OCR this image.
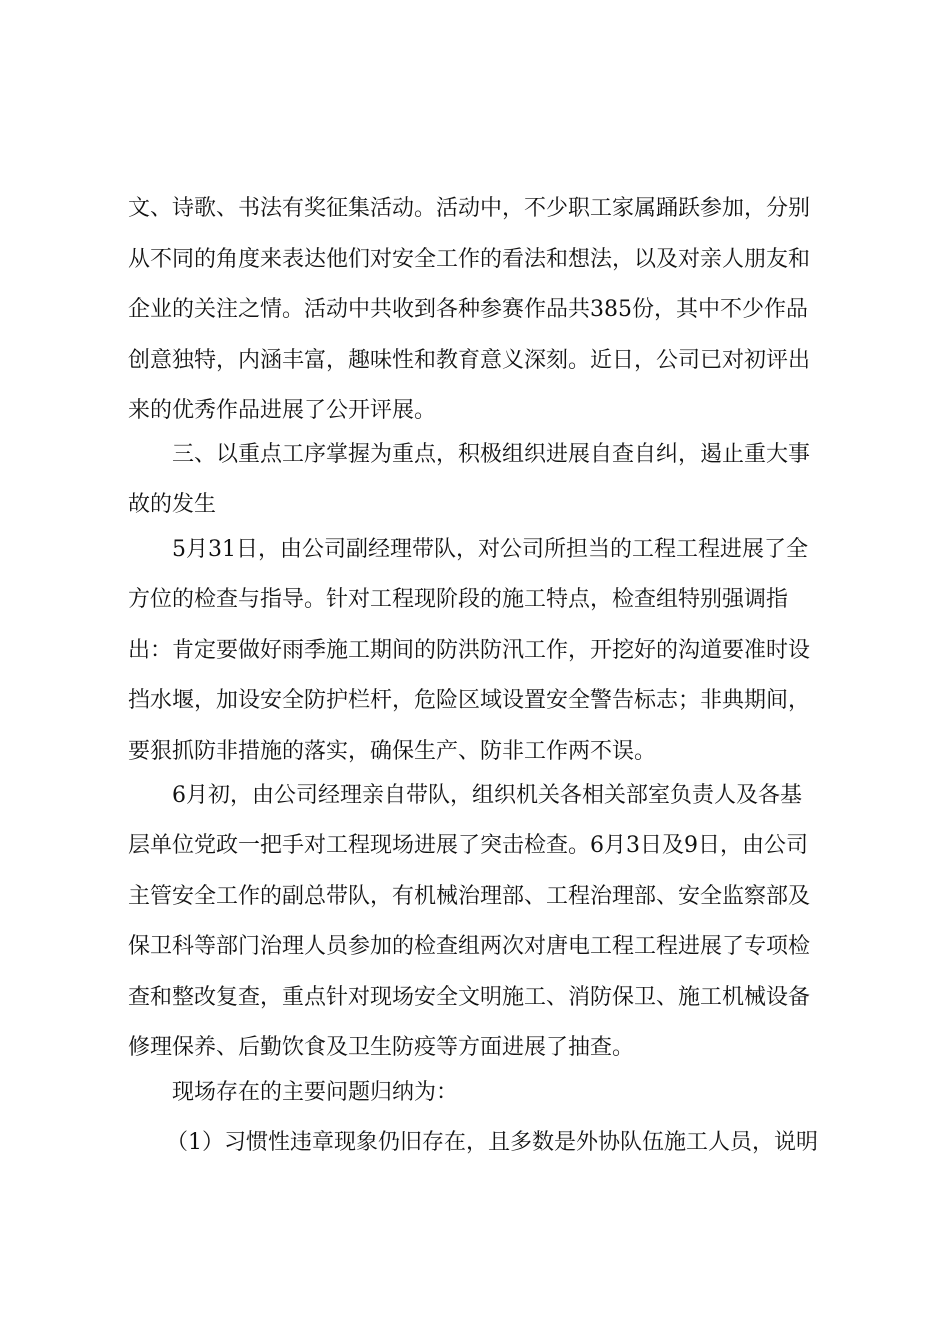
文、诗歌、书法有奖征集活动。活动中，不少职工家属踊跃参加，分别
从不同的角度来表达他们对安全工作的看法和想法，以及对亲人朋友和
企业的关注之情。活动中共收到各种参赛作品共385份，其中不少作品
创意独特，内涵丰富，趣味性和教育意义深刻。近日，公司已对初评出
来的优秀作品进展了公开评展。
三、以重点工序掌握为重点，积极组织进展自查自纠，遏止重大事
故的发生
5月31日，由公司副经理带队，对公司所担当的工程工程进展了全
方位的检查与指导。针对工程现阶段的施工特点，检查组特别强调指
出：肯定要做好雨季施工期间的防洪防汛工作，开挖好的沟道要准时设
挡水堰，加设安全防护栏杆，危险区域设置安全警告标志；非典期间，
要狠抓防非措施的落实，确保生产、防非工作两不误。
6月初，由公司经理亲自带队，组织机关各相关部室负责人及各基
层单位党政一把手对工程现场进展了突击检查。6月3日及9日，由公司
主管安全工作的副总带队，有机械治理部、工程治理部、安全监察部及
保卫科等部门治理人员参加的检查组两次对唐电工程工程进展了专项检
查和整改复查，重点针对现场安全文明施工、消防保卫、施工机械设备
修理保养、后勤饮食及卫生防疫等方面进展了抽查。
现场存在的主要问题归纳为：
（1）习惯性违章现象仍旧存在，且多数是外协队伍施工人员，说明
